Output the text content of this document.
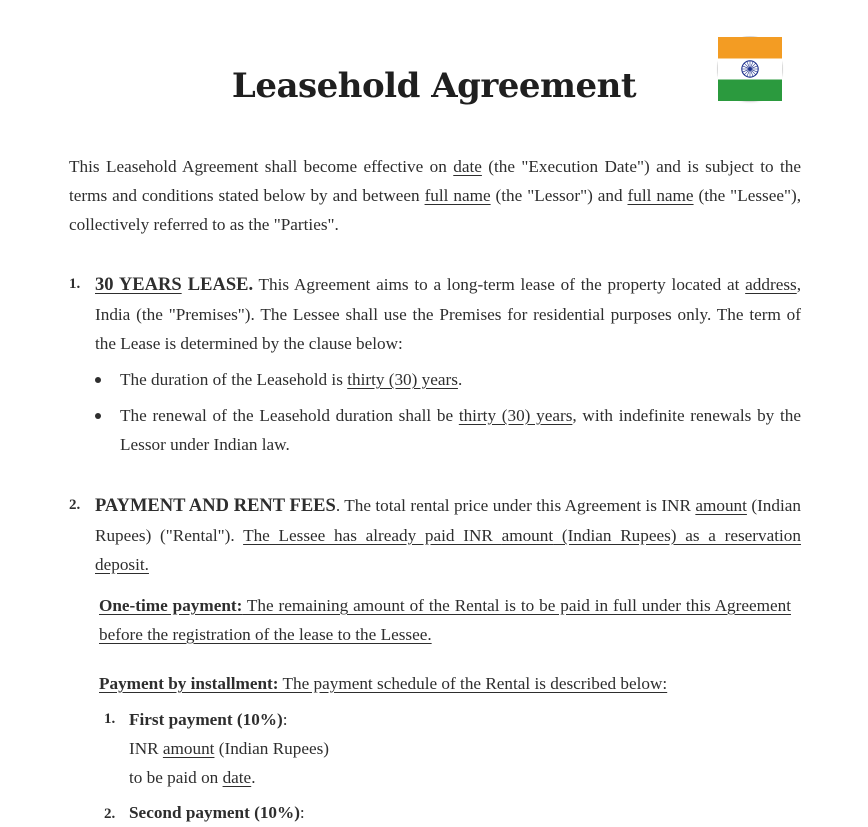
Leasehold Agreement
This Leasehold Agreement shall become effective on date (the "Execution Date") and is subject to the terms and conditions stated below by and between full name (the "Lessor") and full name (the "Lessee"), collectively referred to as the "Parties".
1. 30 YEARS LEASE. This Agreement aims to a long-term lease of the property located at address, India (the "Premises"). The Lessee shall use the Premises for residential purposes only. The term of the Lease is determined by the clause below:
The duration of the Leasehold is thirty (30) years.
The renewal of the Leasehold duration shall be thirty (30) years, with indefinite renewals by the Lessor under Indian law.
2. PAYMENT AND RENT FEES. The total rental price under this Agreement is INR amount (Indian Rupees) ("Rental"). The Lessee has already paid INR amount (Indian Rupees) as a reservation deposit.
One-time payment: The remaining amount of the Rental is to be paid in full under this Agreement before the registration of the lease to the Lessee.
Payment by installment: The payment schedule of the Rental is described below:
1. First payment (10%):
INR amount (Indian Rupees)
to be paid on date.
2. Second payment (10%):
